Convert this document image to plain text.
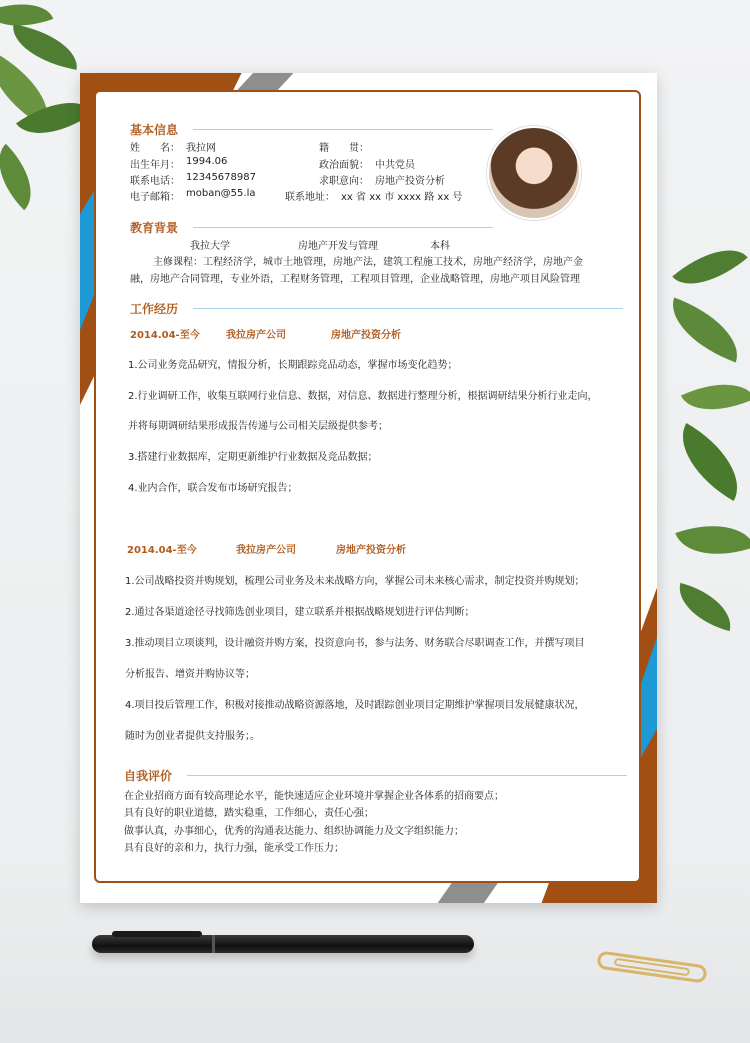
基本信息
姓　　名： 我拉网
出生年月： 1994.06
联系电话： 12345678987
电子邮箱： moban@55.la
籍　　贯：
政治面貌： 中共党员
求职意向： 房地产投资分析
联系地址： xx 省 xx 市 xxxx 路 xx 号
教育背景
我拉大学	房地产开发与管理	本科
主修课程：工程经济学，城市土地管理，房地产法，建筑工程施工技术，房地产经济学，房地产金
融，房地产合同管理，专业外语，工程财务管理，工程项目管理，企业战略管理，房地产项目风险管理
工作经历
2014.04-至今	我拉房产公司	房地产投资分析
1.公司业务竞品研究，情报分析，长期跟踪竞品动态，掌握市场变化趋势；
2.行业调研工作，收集互联网行业信息、数据，对信息、数据进行整理分析，根据调研结果分析行业走向，
并将每期调研结果形成报告传递与公司相关层级提供参考；
3.搭建行业数据库，定期更新维护行业数据及竞品数据；
4.业内合作，联合发布市场研究报告；
2014.04-至今	我拉房产公司	房地产投资分析
1.公司战略投资并购规划，梳理公司业务及未来战略方向，掌握公司未来核心需求，制定投资并购规划；
2.通过各渠道途径寻找筛选创业项目，建立联系并根据战略规划进行评估判断；
3.推动项目立项谈判，设计融资并购方案，投资意向书，参与法务、财务联合尽职调查工作，并撰写项目
分析报告、增资并购协议等；
4.项目投后管理工作，积极对接推动战略资源落地，及时跟踪创业项目定期维护掌握项目发展健康状况，
随时为创业者提供支持服务；。
自我评价
在企业招商方面有较高理论水平，能快速适应企业环境并掌握企业各体系的招商要点；
具有良好的职业道德，踏实稳重，工作细心，责任心强；
做事认真，办事细心，优秀的沟通表达能力、组织协调能力及文字组织能力；
具有良好的亲和力，执行力强，能承受工作压力；
